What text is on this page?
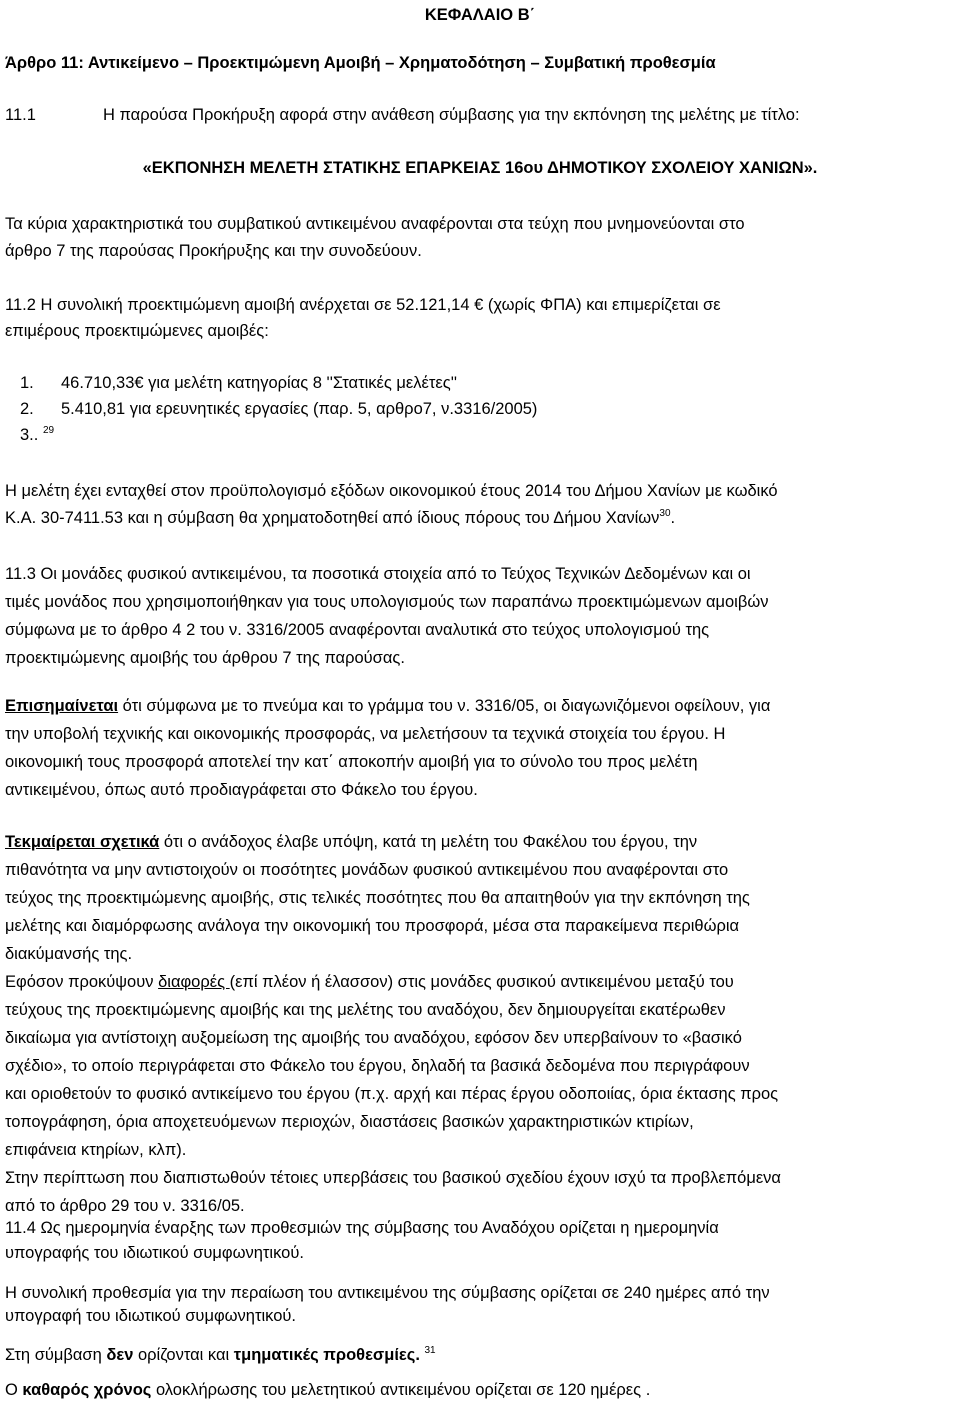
ΚΕΦΑΛΑΙΟ Β΄
Άρθρο 11: Αντικείμενο – Προεκτιμώμενη Αμοιβή – Χρηματοδότηση – Συμβατική προθεσμία
11.1	Η παρούσα Προκήρυξη αφορά στην ανάθεση σύμβασης για την εκπόνηση της μελέτης με τίτλο:
«ΕΚΠΟΝΗΣΗ ΜΕΛΕΤΗ ΣΤΑΤΙΚΗΣ ΕΠΑΡΚΕΙΑΣ 16ου ΔΗΜΟΤΙΚΟΥ ΣΧΟΛΕΙΟΥ ΧΑΝΙΩΝ».
Τα κύρια χαρακτηριστικά του συμβατικού αντικειμένου αναφέρονται στα τεύχη που μνημονεύονται στο
άρθρο 7 της παρούσας Προκήρυξης και την συνοδεύουν.
11.2 Η συνολική προεκτιμώμενη αμοιβή ανέρχεται σε 52.121,14 € (χωρίς ΦΠΑ) και επιμερίζεται σε
επιμέρους προεκτιμώμενες αμοιβές:
1. 46.710,33€ για μελέτη κατηγορίας 8 ''Στατικές μελέτες''
2. 5.410,81 για ερευνητικές εργασίες (παρ. 5, αρθρο7, ν.3316/2005)
3.. $^{29}$
Η μελέτη έχει ενταχθεί στον προϋπολογισμό εξόδων οικονομικού έτους 2014 του Δήμου Χανίων με κωδικό
Κ.Α. 30-7411.53 και η σύμβαση θα χρηματοδοτηθεί από ίδιους πόρους του Δήμου Χανίων$^{30}$.
11.3 Οι μονάδες φυσικού αντικειμένου, τα ποσοτικά στοιχεία από το Τεύχος Τεχνικών Δεδομένων και οι
τιμές μονάδος που χρησιμοποιήθηκαν για τους υπολογισμούς των παραπάνω προεκτιμώμενων αμοιβών
σύμφωνα με το άρθρο 4 2 του ν. 3316/2005 αναφέρονται αναλυτικά στο τεύχος υπολογισμού της
προεκτιμώμενης αμοιβής του άρθρου 7 της παρούσας.
Επισημαίνεται ότι σύμφωνα με το πνεύμα και το γράμμα του ν. 3316/05, οι διαγωνιζόμενοι οφείλουν, για
την υποβολή τεχνικής και οικονομικής προσφοράς, να μελετήσουν τα τεχνικά στοιχεία του έργου. Η
οικονομική τους προσφορά αποτελεί την κατ΄ αποκοπήν αμοιβή για το σύνολο του προς μελέτη
αντικειμένου, όπως αυτό προδιαγράφεται στο Φάκελο του έργου.
Τεκμαίρεται σχετικά ότι ο ανάδοχος έλαβε υπόψη, κατά τη μελέτη του Φακέλου του έργου, την
πιθανότητα να μην αντιστοιχούν οι ποσότητες μονάδων φυσικού αντικειμένου που αναφέρονται στο
τεύχος της προεκτιμώμενης αμοιβής, στις τελικές ποσότητες που θα απαιτηθούν για την εκπόνηση της
μελέτης και διαμόρφωσης ανάλογα την οικονομική του προσφορά, μέσα στα παρακείμενα περιθώρια
διακύμανσής της.
Εφόσον προκύψουν διαφορές (επί πλέον ή έλασσον) στις μονάδες φυσικού αντικειμένου μεταξύ του
τεύχους της προεκτιμώμενης αμοιβής και της μελέτης του αναδόχου, δεν δημιουργείται εκατέρωθεν
δικαίωμα για αντίστοιχη αυξομείωση της αμοιβής του αναδόχου, εφόσον δεν υπερβαίνουν το «βασικό
σχέδιο», το οποίο περιγράφεται στο Φάκελο του έργου, δηλαδή τα βασικά δεδομένα που περιγράφουν
και οριοθετούν το φυσικό αντικείμενο του έργου (π.χ. αρχή και πέρας έργου οδοποιίας, όρια έκτασης προς
τοπογράφηση, όρια αποχετευόμενων περιοχών, διαστάσεις βασικών χαρακτηριστικών κτιρίων,
επιφάνεια κτηρίων, κλπ).
Στην περίπτωση που διαπιστωθούν τέτοιες υπερβάσεις του βασικού σχεδίου έχουν ισχύ τα προβλεπόμενα
από το άρθρο 29 του ν. 3316/05.
11.4 Ως ημερομηνία έναρξης των προθεσμιών της σύμβασης του Αναδόχου ορίζεται η ημερομηνία
υπογραφής του ιδιωτικού συμφωνητικού.
Η συνολική προθεσμία για την περαίωση του αντικειμένου της σύμβασης ορίζεται σε 240 ημέρες από την
υπογραφή του ιδιωτικού συμφωνητικού.
Στη σύμβαση δεν ορίζονται και τμηματικές προθεσμίες. $^{31}$
Ο καθαρός χρόνος ολοκλήρωσης του μελετητικού αντικειμένου ορίζεται σε 120 ημέρες .
